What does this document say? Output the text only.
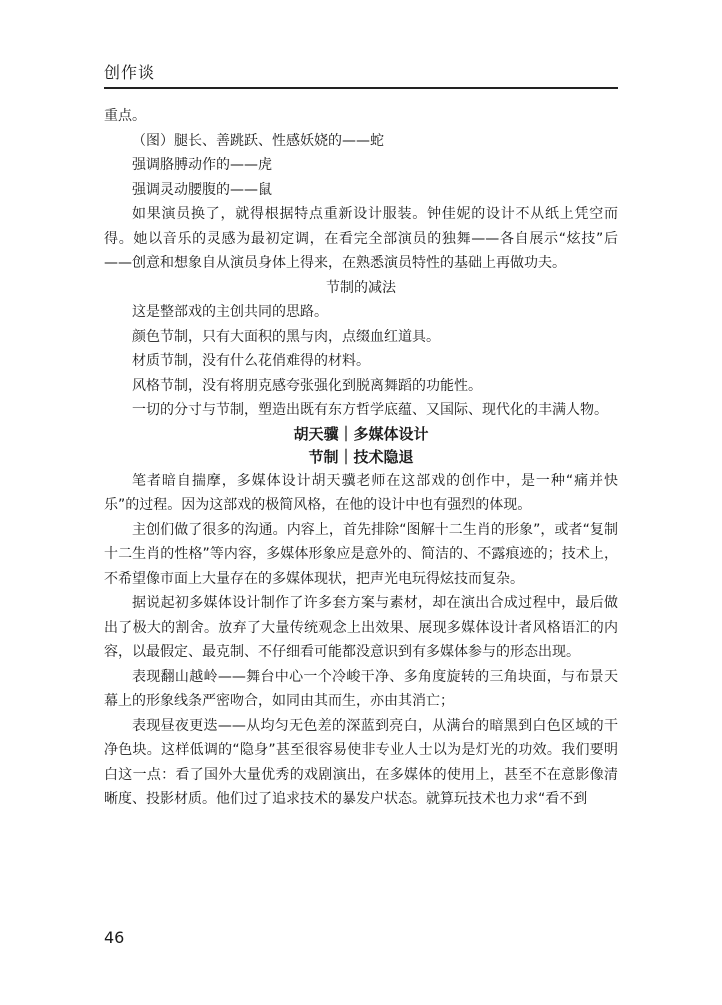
创作谈

重点。

（图）腿长、善跳跃、性感妖娆的——蛇

强调胳膊动作的——虎

强调灵动腰腹的——鼠

如果演员换了，就得根据特点重新设计服装。钟佳妮的设计不从纸上凭空而得。她以音乐的灵感为最初定调，在看完全部演员的独舞——各自展示“炫技”后——创意和想象自从演员身体上得来，在熟悉演员特性的基础上再做功夫。

节制的减法

这是整部戏的主创共同的思路。

颜色节制，只有大面积的黑与肉，点缀血红道具。

材质节制，没有什么花俏难得的材料。

风格节制，没有将朋克感夸张强化到脱离舞蹈的功能性。

一切的分寸与节制，塑造出既有东方哲学底蕴、又国际、现代化的丰满人物。

胡天骥｜多媒体设计

节制｜技术隐退

笔者暗自揣摩，多媒体设计胡天骥老师在这部戏的创作中，是一种“痛并快乐”的过程。因为这部戏的极简风格，在他的设计中也有强烈的体现。

主创们做了很多的沟通。内容上，首先排除“图解十二生肖的形象”，或者“复制十二生肖的性格”等内容，多媒体形象应是意外的、简洁的、不露痕迹的；技术上，不希望像市面上大量存在的多媒体现状，把声光电玩得炫技而复杂。

据说起初多媒体设计制作了许多套方案与素材，却在演出合成过程中，最后做出了极大的割舍。放弃了大量传统观念上出效果、展现多媒体设计者风格语汇的内容，以最假定、最克制、不仔细看可能都没意识到有多媒体参与的形态出现。

表现翻山越岭——舞台中心一个冷峻干净、多角度旋转的三角块面，与布景天幕上的形象线条严密吻合，如同由其而生，亦由其消亡；

表现昼夜更迭——从均匀无色差的深蓝到亮白，从满台的暗黑到白色区域的干净色块。这样低调的“隐身”甚至很容易使非专业人士以为是灯光的功效。我们要明白这一点：看了国外大量优秀的戏剧演出，在多媒体的使用上，甚至不在意影像清晰度、投影材质。他们过了追求技术的暴发户状态。就算玩技术也力求“看不到

46
